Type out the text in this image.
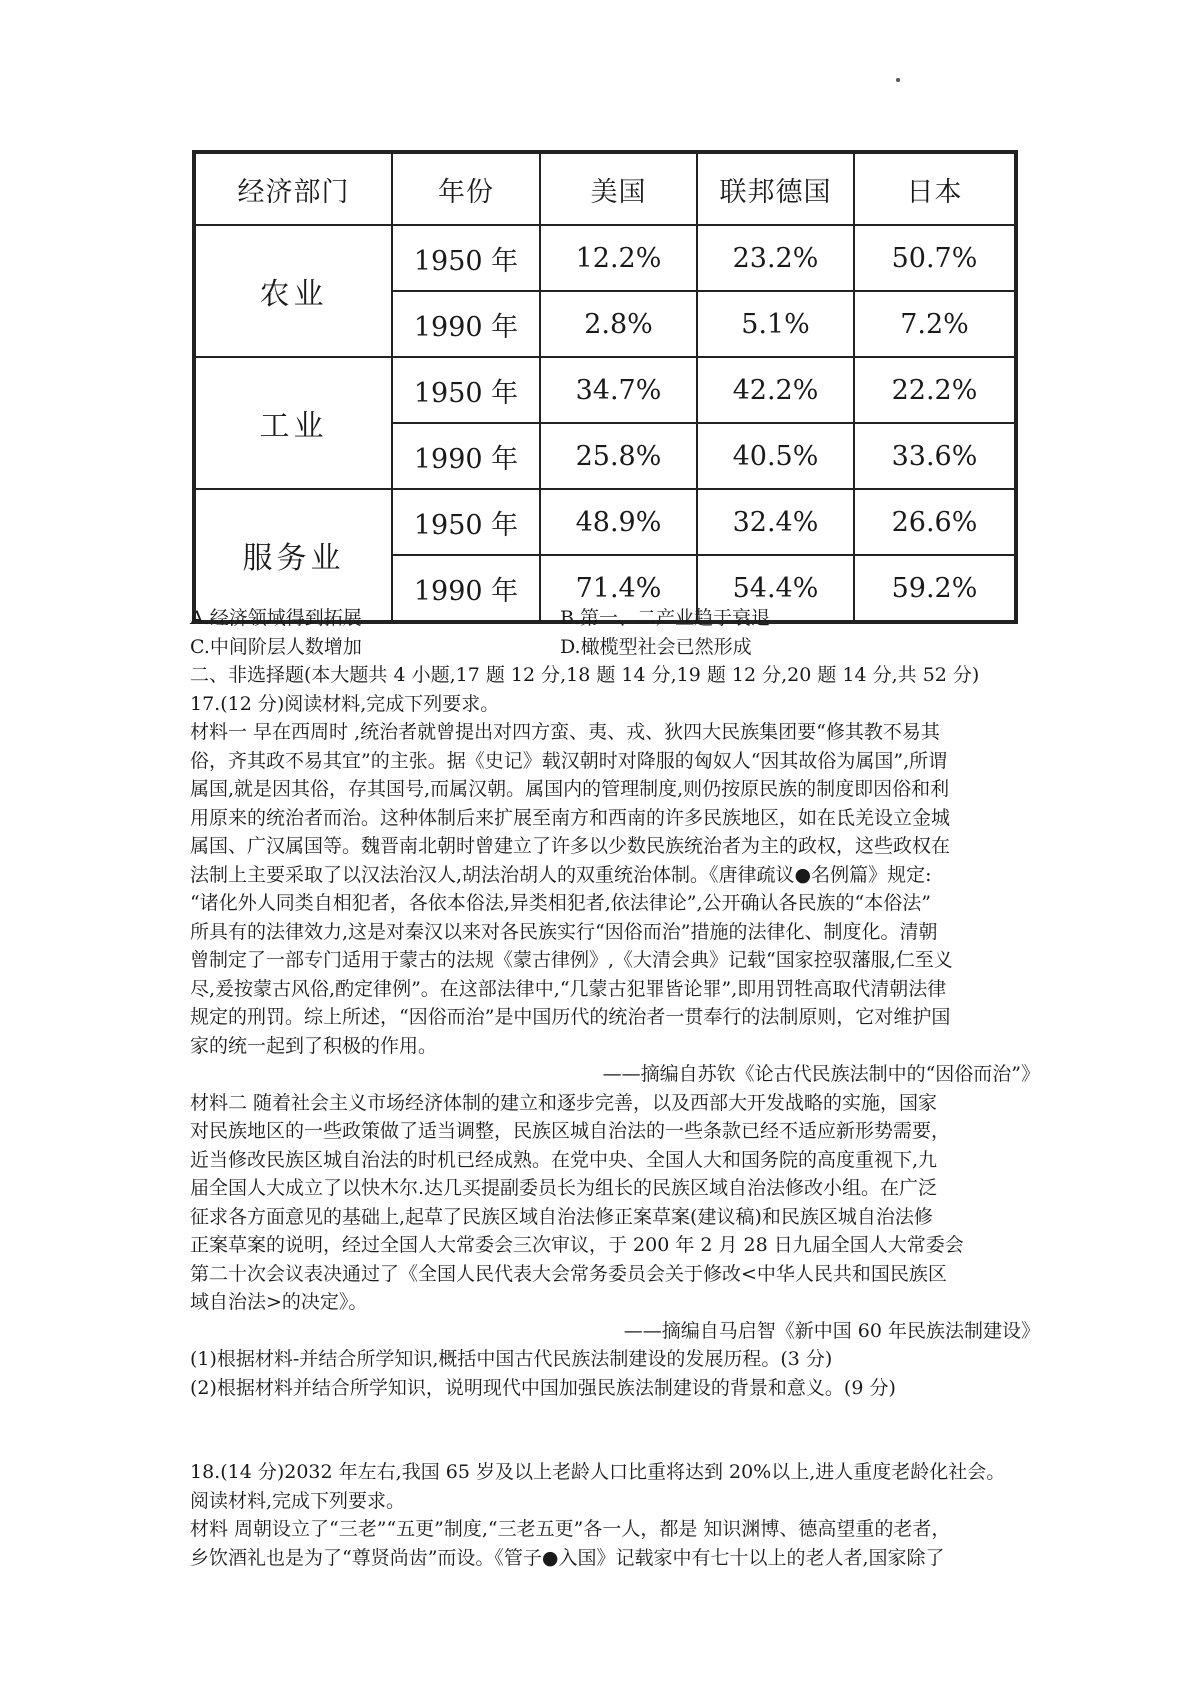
经济部门	年份	美国	联邦德国	日本
农业	1950 年	12.2%	23.2%	50.7%
	1990 年	2.8%	5.1%	7.2%
工业	1950 年	34.7%	42.2%	22.2%
	1990 年	25.8%	40.5%	33.6%
服务业	1950 年	48.9%	32.4%	26.6%
	1990 年	71.4%	54.4%	59.2%
A.经济领域得到拓展	B.第一、二产业趋于衰退
C.中间阶层人数增加	D.橄榄型社会已然形成
二、非选择题(本大题共 4 小题,17 题 12 分,18 题 14 分,19 题 12 分,20 题 14 分,共 52 分)
17.(12 分)阅读材料,完成下列要求。
材料一 早在西周时 ,统治者就曾提出对四方蛮、夷、戎、狄四大民族集团要“修其教不易其
俗，齐其政不易其宜”的主张。据《史记》载汉朝时对降服的匈奴人“因其故俗为属国”,所谓
属国,就是因其俗，存其国号,而属汉朝。属国内的管理制度,则仍按原民族的制度即因俗和利
用原来的统治者而治。这种体制后来扩展至南方和西南的许多民族地区，如在氐羌设立金城
属国、广汉属国等。魏晋南北朝时曾建立了许多以少数民族统治者为主的政权，这些政权在
法制上主要采取了以汉法治汉人,胡法治胡人的双重统治体制。《唐律疏议●名例篇》规定:
“诸化外人同类自相犯者，各依本俗法,异类相犯者,依法律论”,公开确认各民族的“本俗法”
所具有的法律效力,这是对秦汉以来对各民族实行“因俗而治”措施的法律化、制度化。清朝
曾制定了一部专门适用于蒙古的法规《蒙古律例》,《大清会典》记载“国家控驭藩服,仁至义
尽,爰按蒙古风俗,酌定律例”。在这部法律中,“几蒙古犯罪皆论罪”,即用罚牲高取代清朝法律
规定的刑罚。综上所述，“因俗而治”是中国历代的统治者一贯奉行的法制原则，它对维护国
家的统一起到了积极的作用。
——摘编自苏钦《论古代民族法制中的“因俗而治”》
材料二 随着社会主义市场经济体制的建立和逐步完善，以及西部大开发战略的实施，国家
对民族地区的一些政策做了适当调整，民族区城自治法的一些条款已经不适应新形势需要，
近当修改民族区城自治法的时机已经成熟。在党中央、全国人大和国务院的高度重视下,九
届全国人大成立了以快木尔.达几买提副委员长为组长的民族区域自治法修改小组。在广泛
征求各方面意见的基础上,起草了民族区域自治法修正案草案(建议稿)和民族区城自治法修
正案草案的说明，经过全国人大常委会三次审议，于 200 年 2 月 28 日九届全国人大常委会
第二十次会议表决通过了《全国人民代表大会常务委员会关于修改<中华人民共和国民族区
域自治法>的决定》。
——摘编自马启智《新中国 60 年民族法制建设》
(1)根据材料-并结合所学知识,概括中国古代民族法制建设的发展历程。(3 分)
(2)根据材料并结合所学知识，说明现代中国加强民族法制建设的背景和意义。(9 分)
18.(14 分)2032 年左右,我国 65 岁及以上老龄人口比重将达到 20%以上,进人重度老龄化社会。
阅读材料,完成下列要求。
材料 周朝设立了“三老”“五更”制度,“三老五更”各一人，都是 知识渊博、德高望重的老者，
乡饮酒礼也是为了“尊贤尚齿”而设。《管子●入国》记载家中有七十以上的老人者,国家除了
